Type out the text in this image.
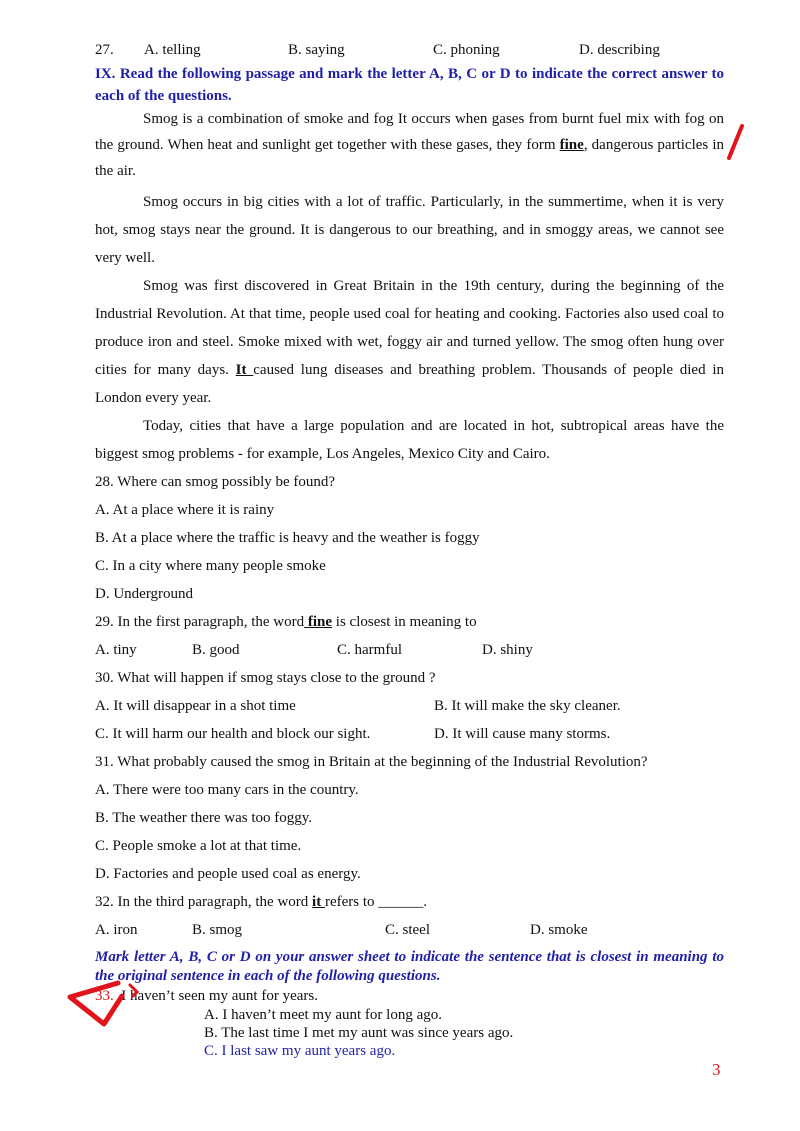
27. A. telling	B. saying	C. phoning	D. describing
IX. Read the following passage and mark the letter A, B, C or D to indicate the correct answer to each of the questions.
Smog is a combination of smoke and fog It occurs when gases from burnt fuel mix with fog on the ground. When heat and sunlight get together with these gases, they form fine, dangerous particles in the air.
Smog occurs in big cities with a lot of traffic. Particularly, in the summertime, when it is very hot, smog stays near the ground. It is dangerous to our breathing, and in smoggy areas, we cannot see very well.
Smog was first discovered in Great Britain in the 19th century, during the beginning of the Industrial Revolution. At that time, people used coal for heating and cooking. Factories also used coal to produce iron and steel. Smoke mixed with wet, foggy air and turned yellow. The smog often hung over cities for many days. It caused lung diseases and breathing problem. Thousands of people died in London every year.
Today, cities that have a large population and are located in hot, subtropical areas have the biggest smog problems - for example, Los Angeles, Mexico City and Cairo.
28. Where can smog possibly be found?
A. At a place where it is rainy
B. At a place where the traffic is heavy and the weather is foggy
C. In a city where many people smoke
D. Underground
29. In the first paragraph, the word fine is closest in meaning to
A. tiny	B. good	C. harmful	D. shiny
30. What will happen if smog stays close to the ground ?
A. It will disappear in a shot time	B. It will make the sky cleaner.
C. It will harm our health and block our sight.	D. It will cause many storms.
31. What probably caused the smog in Britain at the beginning of the Industrial Revolution?
A. There were too many cars in the country.
B. The weather there was too foggy.
C. People smoke a lot at that time.
D. Factories and people used coal as energy.
32. In the third paragraph, the word it refers to ______.
A. iron	B. smog	C. steel	D. smoke
Mark letter A, B, C or D on your answer sheet to indicate the sentence that is closest in meaning to the original sentence in each of the following questions.
33. I haven’t seen my aunt for years.
A. I haven’t meet my aunt for long ago.
B. The last time I met my aunt was since years ago.
C. I last saw my aunt years ago.
3
